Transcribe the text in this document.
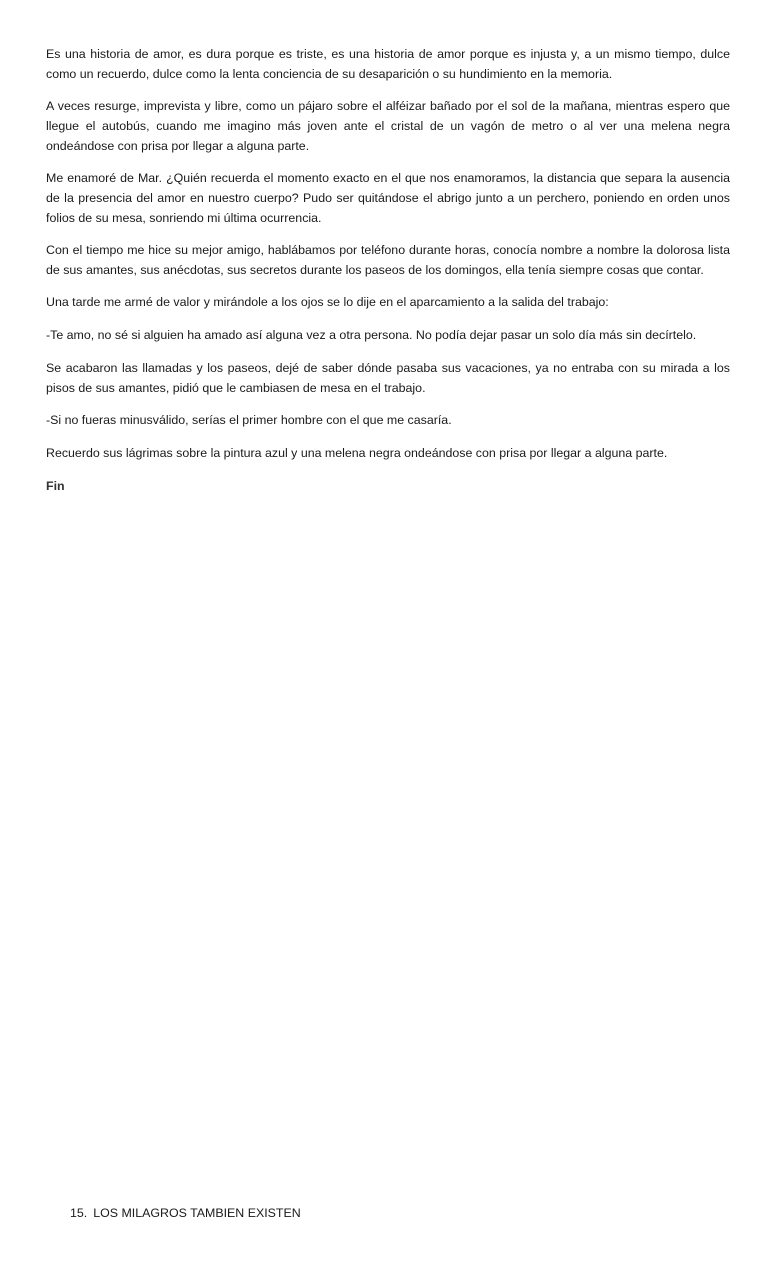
Es una historia de amor, es dura porque es triste, es una historia de amor porque es injusta y, a un mismo tiempo, dulce como un recuerdo, dulce como la lenta conciencia de su desaparición o su hundimiento en la memoria.

A veces resurge, imprevista y libre, como un pájaro sobre el alféizar bañado por el sol de la mañana, mientras espero que llegue el autobús, cuando me imagino más joven ante el cristal de un vagón de metro o al ver una melena negra ondeándose con prisa por llegar a alguna parte.

Me enamoré de Mar. ¿Quién recuerda el momento exacto en el que nos enamoramos, la distancia que separa la ausencia de la presencia del amor en nuestro cuerpo? Pudo ser quitándose el abrigo junto a un perchero, poniendo en orden unos folios de su mesa, sonriendo mi última ocurrencia.

Con el tiempo me hice su mejor amigo, hablábamos por teléfono durante horas, conocía nombre a nombre la dolorosa lista de sus amantes, sus anécdotas, sus secretos durante los paseos de los domingos, ella tenía siempre cosas que contar.

Una tarde me armé de valor y mirándole a los ojos se lo dije en el aparcamiento a la salida del trabajo:

-Te amo, no sé si alguien ha amado así alguna vez a otra persona. No podía dejar pasar un solo día más sin decírtelo.

Se acabaron las llamadas y los paseos, dejé de saber dónde pasaba sus vacaciones, ya no entraba con su mirada a los pisos de sus amantes, pidió que le cambiasen de mesa en el trabajo.

-Si no fueras minusválido, serías el primer hombre con el que me casaría.

Recuerdo sus lágrimas sobre la pintura azul y una melena negra ondeándose con prisa por llegar a alguna parte.

Fin

15. LOS MILAGROS TAMBIEN EXISTEN
